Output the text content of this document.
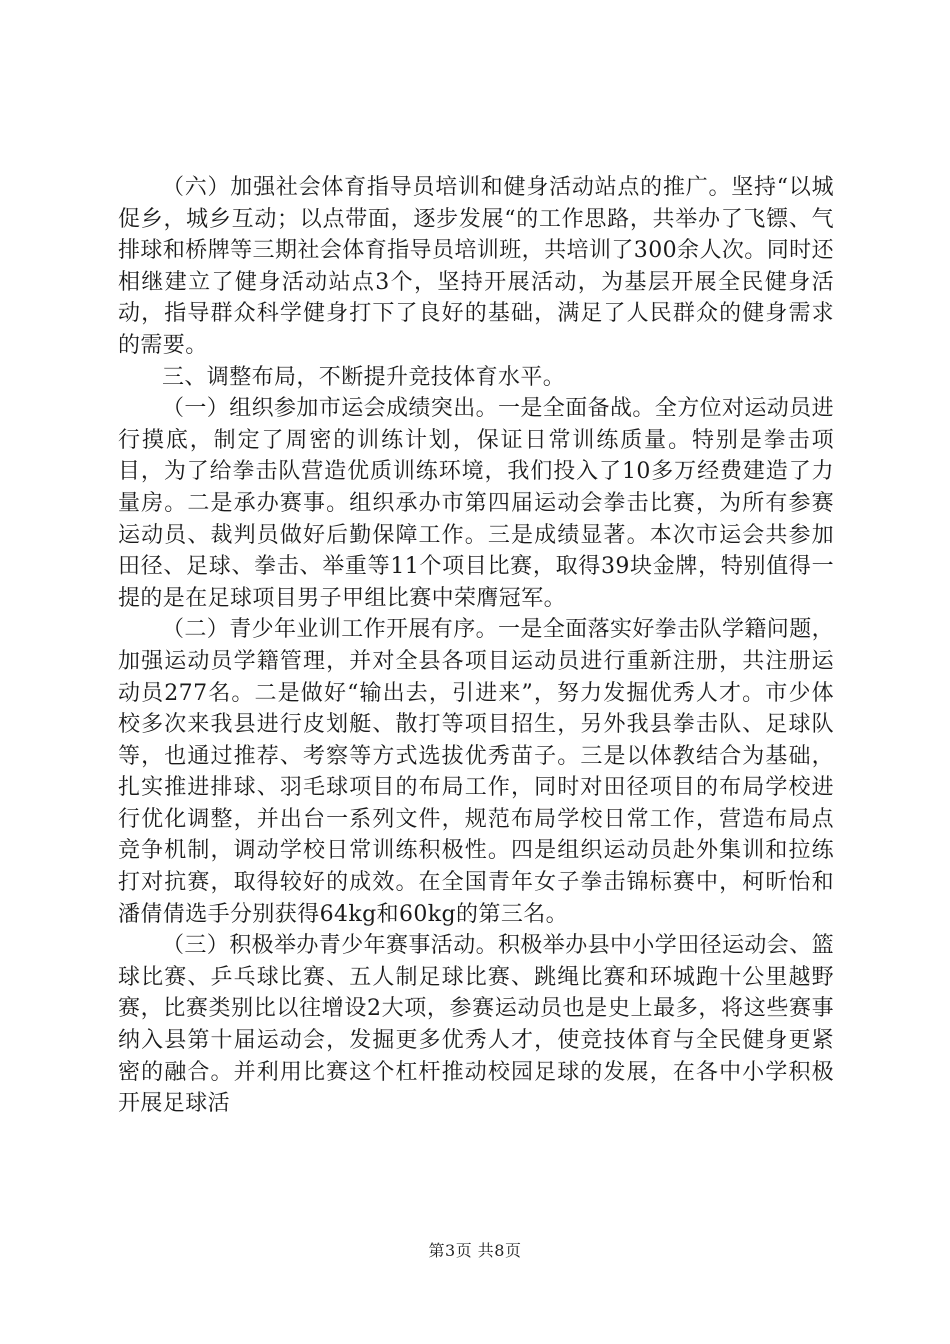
（六）加强社会体育指导员培训和健身活动站点的推广。坚持“以城促乡，城乡互动；以点带面，逐步发展“的工作思路，共举办了飞镖、气排球和桥牌等三期社会体育指导员培训班，共培训了300余人次。同时还相继建立了健身活动站点3个，坚持开展活动，为基层开展全民健身活动，指导群众科学健身打下了良好的基础，满足了人民群众的健身需求的需要。

三、调整布局，不断提升竞技体育水平。

（一）组织参加市运会成绩突出。一是全面备战。全方位对运动员进行摸底，制定了周密的训练计划，保证日常训练质量。特别是拳击项目，为了给拳击队营造优质训练环境，我们投入了10多万经费建造了力量房。二是承办赛事。组织承办市第四届运动会拳击比赛，为所有参赛运动员、裁判员做好后勤保障工作。三是成绩显著。本次市运会共参加田径、足球、拳击、举重等11个项目比赛，取得39块金牌，特别值得一提的是在足球项目男子甲组比赛中荣膺冠军。

（二）青少年业训工作开展有序。一是全面落实好拳击队学籍问题，加强运动员学籍管理，并对全县各项目运动员进行重新注册，共注册运动员277名。二是做好“输出去，引进来”，努力发掘优秀人才。市少体校多次来我县进行皮划艇、散打等项目招生，另外我县拳击队、足球队等，也通过推荐、考察等方式选拔优秀苗子。三是以体教结合为基础，扎实推进排球、羽毛球项目的布局工作，同时对田径项目的布局学校进行优化调整，并出台一系列文件，规范布局学校日常工作，营造布局点竞争机制，调动学校日常训练积极性。四是组织运动员赴外集训和拉练打对抗赛，取得较好的成效。在全国青年女子拳击锦标赛中，柯昕怡和潘倩倩选手分别获得64kg和60kg的第三名。

（三）积极举办青少年赛事活动。积极举办县中小学田径运动会、篮球比赛、乒乓球比赛、五人制足球比赛、跳绳比赛和环城跑十公里越野赛，比赛类别比以往增设2大项，参赛运动员也是史上最多，将这些赛事纳入县第十届运动会，发掘更多优秀人才，使竞技体育与全民健身更紧密的融合。并利用比赛这个杠杆推动校园足球的发展，在各中小学积极开展足球活

第3页 共8页
